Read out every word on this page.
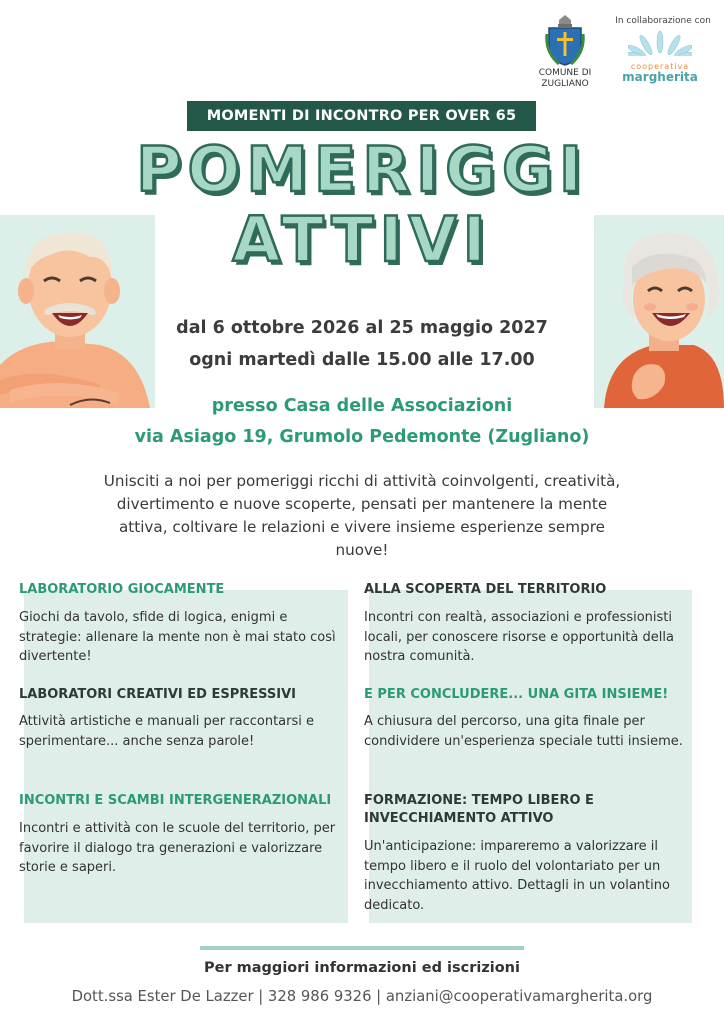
COMUNE DI
ZUGLIANO
In collaborazione con
cooperativa
margherita
MOMENTI DI INCONTRO PER OVER 65
POMERIGGI
ATTIVI
dal 6 ottobre 2026 al 25 maggio 2027
ogni martedì dalle 15.00 alle 17.00
presso Casa delle Associazioni
via Asiago 19, Grumolo Pedemonte (Zugliano)
Unisciti a noi per pomeriggi ricchi di attività coinvolgenti, creatività, divertimento e nuove scoperte, pensati per mantenere la mente attiva, coltivare le relazioni e vivere insieme esperienze sempre nuove!
LABORATORIO GIOCAMENTE
Giochi da tavolo, sfide di logica, enigmi e strategie: allenare la mente non è mai stato così divertente!
LABORATORI CREATIVI ED ESPRESSIVI
Attività artistiche e manuali per raccontarsi e sperimentare... anche senza parole!
INCONTRI E SCAMBI INTERGENERAZIONALI
Incontri e attività con le scuole del territorio, per favorire il dialogo tra generazioni e valorizzare storie e saperi.
ALLA SCOPERTA DEL TERRITORIO
Incontri con realtà, associazioni e professionisti locali, per conoscere risorse e opportunità della nostra comunità.
E PER CONCLUDERE... UNA GITA INSIEME!
A chiusura del percorso, una gita finale per condividere un'esperienza speciale tutti insieme.
FORMAZIONE: TEMPO LIBERO E INVECCHIAMENTO ATTIVO
Un'anticipazione: impareremo a valorizzare il tempo libero e il ruolo del volontariato per un invecchiamento attivo. Dettagli in un volantino dedicato.
Per maggiori informazioni ed iscrizioni
Dott.ssa Ester De Lazzer | 328 986 9326 | anziani@cooperativamargherita.org
